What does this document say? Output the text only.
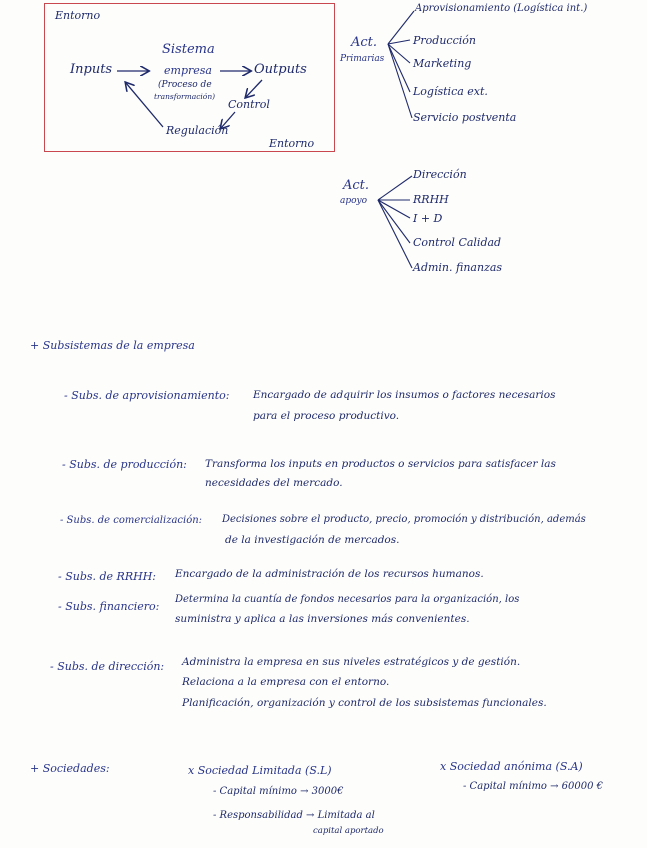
Entorno
Inputs
Sistema
empresa
(Proceso de
transformación)
Outputs
Control
Regulación
Entorno
Act.
Primarias
Aprovisionamiento (Logística int.)
Producción
Marketing
Logística ext.
Servicio postventa
Act.
apoyo
Dirección
RRHH
I + D
Control Calidad
Admin. finanzas
+ Subsistemas de la empresa
- Subs. de aprovisionamiento: Encargado de adquirir los insumos o factores necesarios
para el proceso productivo.
- Subs. de producción: Transforma los inputs en productos o servicios para satisfacer las
necesidades del mercado.
- Subs. de comercialización: Decisiones sobre el producto, precio, promoción y distribución, además
de la investigación de mercados.
- Subs. de RRHH: Encargado de la administración de los recursos humanos.
- Subs. financiero:
Determina la cuantía de fondos necesarios para la organización, los
suministra y aplica a las inversiones más convenientes.
- Subs. de dirección: Administra la empresa en sus niveles estratégicos y de gestión.
Relaciona a la empresa con el entorno.
Planificación, organización y control de los subsistemas funcionales.
+ Sociedades:	x Sociedad Limitada (S.L)
- Capital mínimo → 3000€
- Responsabilidad → Limitada al
capital aportado
x Sociedad anónima (S.A)
- Capital mínimo → 60000 €
